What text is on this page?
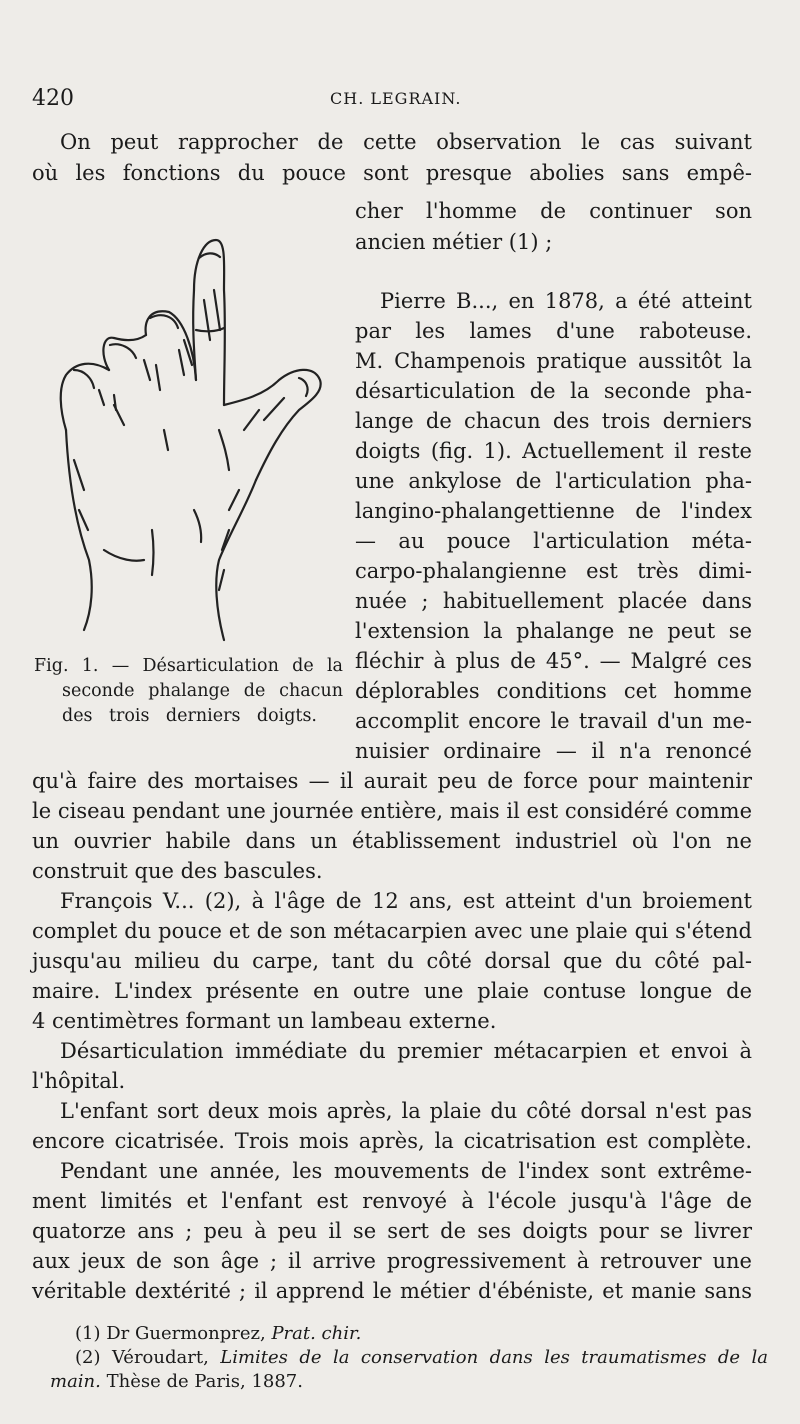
420	CH. LEGRAIN.
On peut rapprocher de cette observation le cas suivant
où les fonctions du pouce sont presque abolies sans empê-
cher l'homme de continuer son
ancien métier (1) ;
Pierre B..., en 1878, a été atteint
par les lames d'une raboteuse.
M. Champenois pratique aussitôt la
désarticulation de la seconde pha-
lange de chacun des trois derniers
doigts (fig. 1). Actuellement il reste
une ankylose de l'articulation pha-
langino-phalangettienne de l'index
— au pouce l'articulation méta-
carpo-phalangienne est très dimi-
nuée ; habituellement placée dans
l'extension la phalange ne peut se
fléchir à plus de 45°. — Malgré ces
déplorables conditions cet homme
accomplit encore le travail d'un me-
nuisier ordinaire — il n'a renoncé
Fig. 1. — Désarticulation de la
seconde phalange de chacun
des trois derniers doigts.
qu'à faire des mortaises — il aurait peu de force pour maintenir
le ciseau pendant une journée entière, mais il est considéré comme
un ouvrier habile dans un établissement industriel où l'on ne
construit que des bascules.
François V... (2), à l'âge de 12 ans, est atteint d'un broiement
complet du pouce et de son métacarpien avec une plaie qui s'étend
jusqu'au milieu du carpe, tant du côté dorsal que du côté pal-
maire. L'index présente en outre une plaie contuse longue de
4 centimètres formant un lambeau externe.
Désarticulation immédiate du premier métacarpien et envoi à
l'hôpital.
L'enfant sort deux mois après, la plaie du côté dorsal n'est pas
encore cicatrisée. Trois mois après, la cicatrisation est complète.
Pendant une année, les mouvements de l'index sont extrême-
ment limités et l'enfant est renvoyé à l'école jusqu'à l'âge de
quatorze ans ; peu à peu il se sert de ses doigts pour se livrer
aux jeux de son âge ; il arrive progressivement à retrouver une
véritable dextérité ; il apprend le métier d'ébéniste, et manie sans
(1) Dr Guermonprez, Prat. chir.
(2) Véroudart, Limites de la conservation dans les traumatismes de la
main. Thèse de Paris, 1887.
